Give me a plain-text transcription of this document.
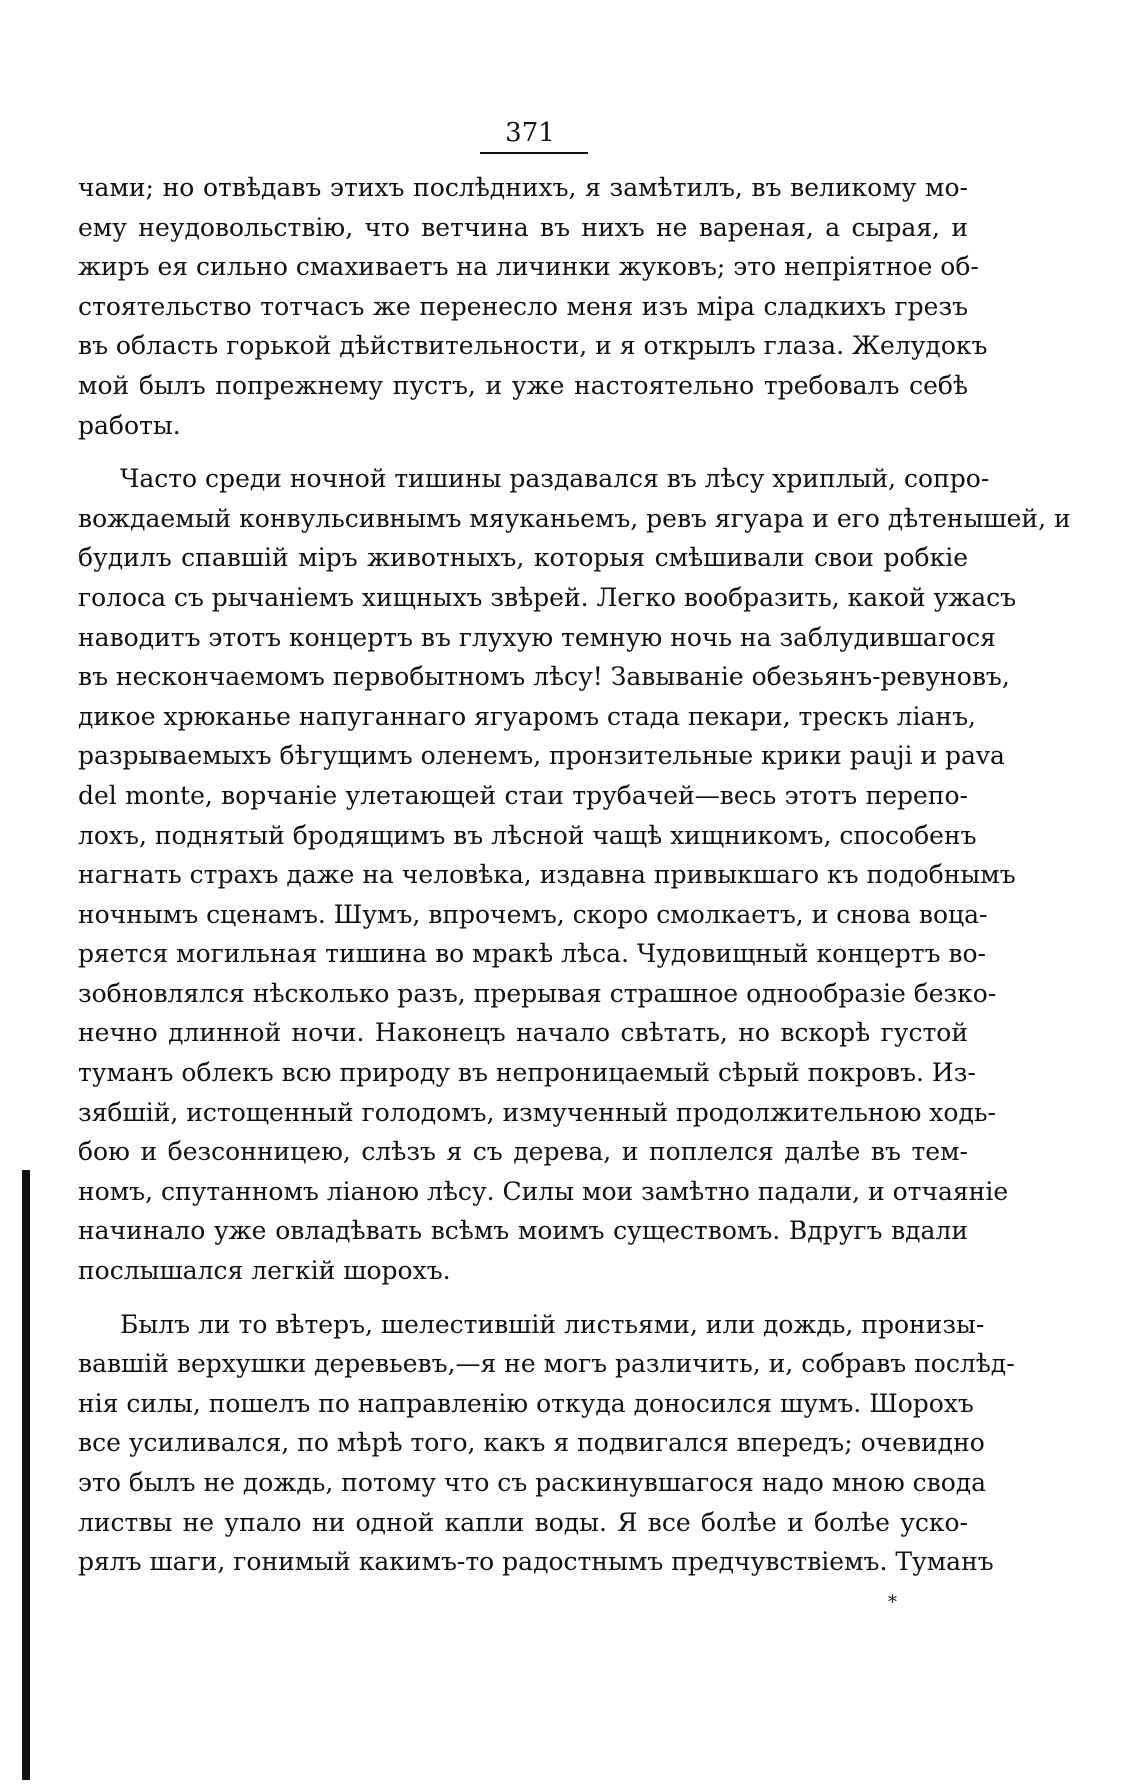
371
чами; но отвѣдавъ этихъ послѣднихъ, я замѣтилъ, въ великому мо-
ему неудовольствію, что ветчина въ нихъ не вареная, а сырая, и
жиръ ея сильно смахиваетъ на личинки жуковъ; это непріятное об-
стоятельство тотчасъ же перенесло меня изъ міра сладкихъ грезъ
въ область горькой дѣйствительности, и я открылъ глаза. Желудокъ
мой былъ попрежнему пустъ, и уже настоятельно требовалъ себѣ
работы.
Часто среди ночной тишины раздавался въ лѣсу хриплый, сопро-
вождаемый конвульсивнымъ мяуканьемъ, ревъ ягуара и его дѣтенышей, и
будилъ спавшій міръ животныхъ, которыя смѣшивали свои робкіе
голоса съ рычаніемъ хищныхъ звѣрей. Легко вообразить, какой ужасъ
наводитъ этотъ концертъ въ глухую темную ночь на заблудившагося
въ нескончаемомъ первобытномъ лѣсу! Завываніе обезьянъ-ревуновъ,
дикое хрюканье напуганнаго ягуаромъ стада пекари, трескъ ліанъ,
разрываемыхъ бѣгущимъ оленемъ, пронзительные крики pauji и pava
del monte, ворчаніе улетающей стаи трубачей—весь этотъ перепо-
лохъ, поднятый бродящимъ въ лѣсной чащѣ хищникомъ, способенъ
нагнать страхъ даже на человѣка, издавна привыкшаго къ подобнымъ
ночнымъ сценамъ. Шумъ, впрочемъ, скоро смолкаетъ, и снова воца-
ряется могильная тишина во мракѣ лѣса. Чудовищный концертъ во-
зобновлялся нѣсколько разъ, прерывая страшное однообразіе безко-
нечно длинной ночи. Наконецъ начало свѣтать, но вскорѣ густой
туманъ облекъ всю природу въ непроницаемый сѣрый покровъ. Из-
зябшій, истощенный голодомъ, измученный продолжительною ходь-
бою и безсонницею, слѣзъ я съ дерева, и поплелся далѣе въ тем-
номъ, спутанномъ ліаною лѣсу. Силы мои замѣтно падали, и отчаяніе
начинало уже овладѣвать всѣмъ моимъ существомъ. Вдругъ вдали
послышался легкій шорохъ.
Былъ ли то вѣтеръ, шелестившій листьями, или дождь, пронизы-
вавшій верхушки деревьевъ,—я не могъ различить, и, собравъ послѣд-
нія силы, пошелъ по направленію откуда доносился шумъ. Шорохъ
все усиливался, по мѣрѣ того, какъ я подвигался впередъ; очевидно
это былъ не дождь, потому что съ раскинувшагося надо мною свода
листвы не упало ни одной капли воды. Я все болѣе и болѣе уско-
рялъ шаги, гонимый какимъ-то радостнымъ предчувствіемъ. Туманъ
*
